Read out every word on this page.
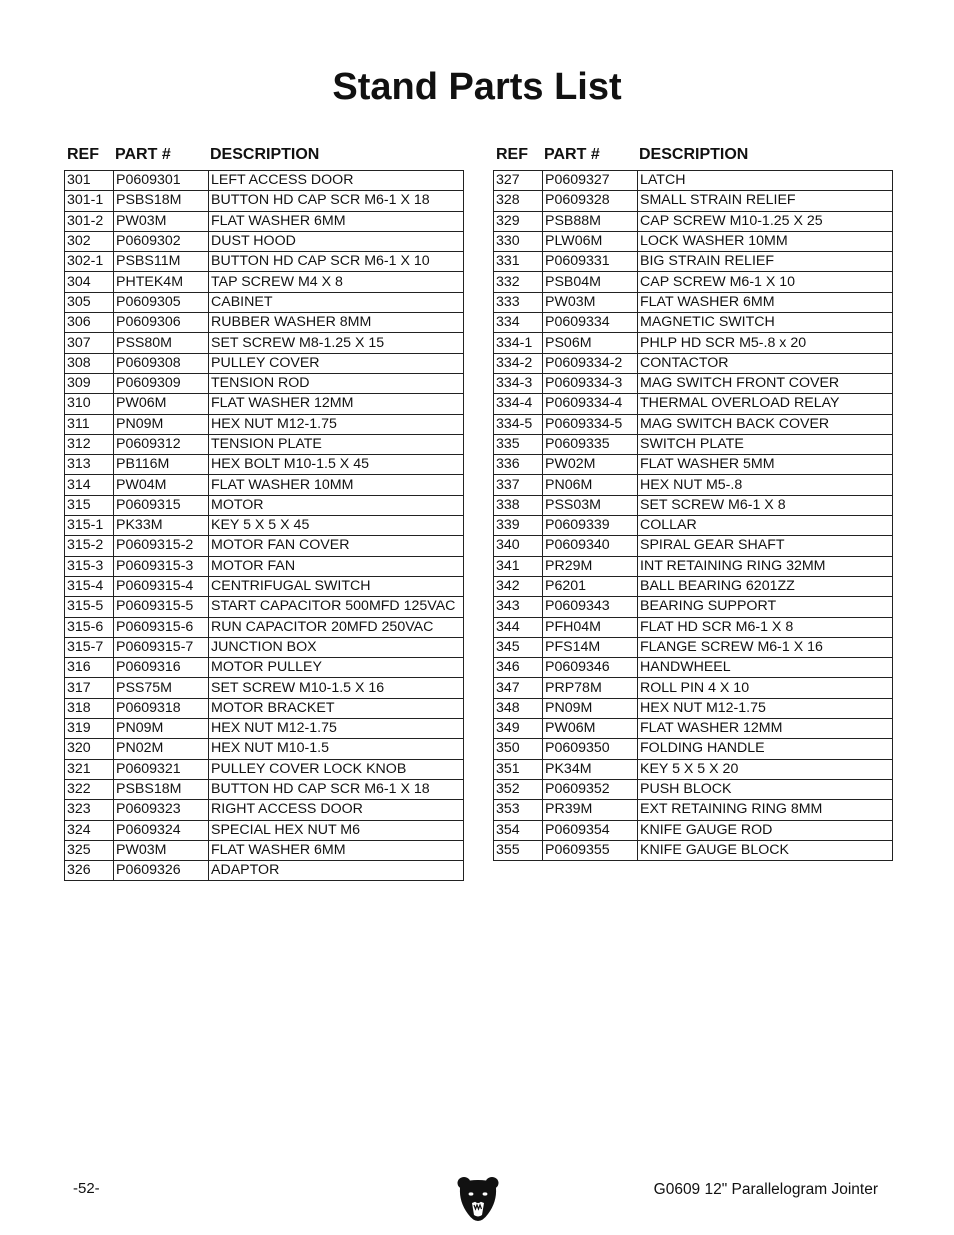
Stand Parts List
REF PART # DESCRIPTION
301	P0609301	LEFT ACCESS DOOR
301-1	PSBS18M	BUTTON HD CAP SCR M6-1 X 18
301-2	PW03M	FLAT WASHER 6MM
302	P0609302	DUST HOOD
302-1	PSBS11M	BUTTON HD CAP SCR M6-1 X 10
304	PHTEK4M	TAP SCREW M4 X 8
305	P0609305	CABINET
306	P0609306	RUBBER WASHER 8MM
307	PSS80M	SET SCREW M8-1.25 X 15
308	P0609308	PULLEY COVER
309	P0609309	TENSION ROD
310	PW06M	FLAT WASHER 12MM
311	PN09M	HEX NUT M12-1.75
312	P0609312	TENSION PLATE
313	PB116M	HEX BOLT M10-1.5 X 45
314	PW04M	FLAT WASHER 10MM
315	P0609315	MOTOR
315-1	PK33M	KEY 5 X 5 X 45
315-2	P0609315-2	MOTOR FAN COVER
315-3	P0609315-3	MOTOR FAN
315-4	P0609315-4	CENTRIFUGAL SWITCH
315-5	P0609315-5	START CAPACITOR 500MFD 125VAC
315-6	P0609315-6	RUN CAPACITOR 20MFD 250VAC
315-7	P0609315-7	JUNCTION BOX
316	P0609316	MOTOR PULLEY
317	PSS75M	SET SCREW M10-1.5 X 16
318	P0609318	MOTOR BRACKET
319	PN09M	HEX NUT M12-1.75
320	PN02M	HEX NUT M10-1.5
321	P0609321	PULLEY COVER LOCK KNOB
322	PSBS18M	BUTTON HD CAP SCR M6-1 X 18
323	P0609323	RIGHT ACCESS DOOR
324	P0609324	SPECIAL HEX NUT M6
325	PW03M	FLAT WASHER 6MM
326	P0609326	ADAPTOR
REF PART # DESCRIPTION
327	P0609327	LATCH
328	P0609328	SMALL STRAIN RELIEF
329	PSB88M	CAP SCREW M10-1.25 X 25
330	PLW06M	LOCK WASHER 10MM
331	P0609331	BIG STRAIN RELIEF
332	PSB04M	CAP SCREW M6-1 X 10
333	PW03M	FLAT WASHER 6MM
334	P0609334	MAGNETIC SWITCH
334-1	PS06M	PHLP HD SCR M5-.8 x 20
334-2	P0609334-2	CONTACTOR
334-3	P0609334-3	MAG SWITCH FRONT COVER
334-4	P0609334-4	THERMAL OVERLOAD RELAY
334-5	P0609334-5	MAG SWITCH BACK COVER
335	P0609335	SWITCH PLATE
336	PW02M	FLAT WASHER 5MM
337	PN06M	HEX NUT M5-.8
338	PSS03M	SET SCREW M6-1 X 8
339	P0609339	COLLAR
340	P0609340	SPIRAL GEAR SHAFT
341	PR29M	INT RETAINING RING 32MM
342	P6201	BALL BEARING 6201ZZ
343	P0609343	BEARING SUPPORT
344	PFH04M	FLAT HD SCR M6-1 X 8
345	PFS14M	FLANGE SCREW M6-1 X 16
346	P0609346	HANDWHEEL
347	PRP78M	ROLL PIN 4 X 10
348	PN09M	HEX NUT M12-1.75
349	PW06M	FLAT WASHER 12MM
350	P0609350	FOLDING HANDLE
351	PK34M	KEY 5 X 5 X 20
352	P0609352	PUSH BLOCK
353	PR39M	EXT RETAINING RING 8MM
354	P0609354	KNIFE GAUGE ROD
355	P0609355	KNIFE GAUGE BLOCK
-52-	G0609 12" Parallelogram Jointer
